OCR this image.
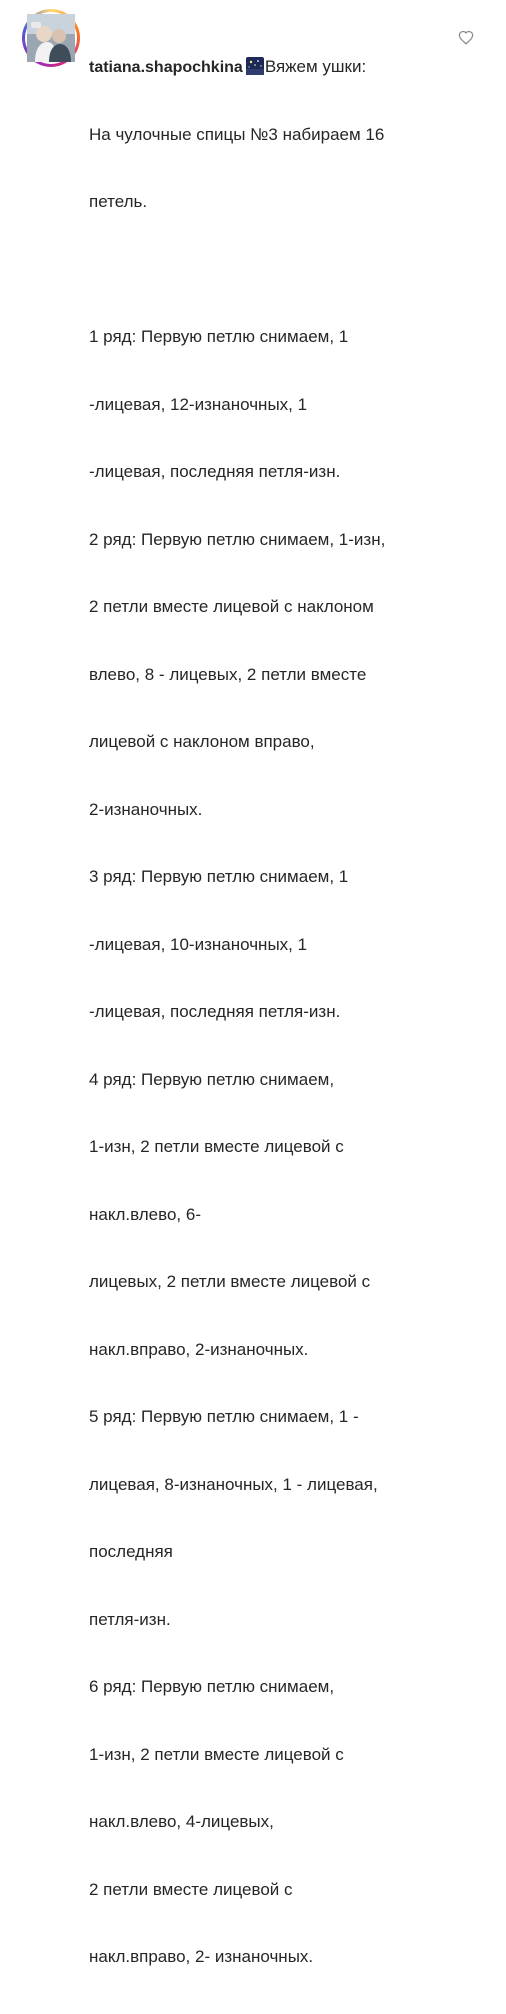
tatiana.shapochkina Вяжем ушки:

На чулочные спицы №3 набираем 16

петель.

1 ряд: Первую петлю снимаем, 1

-лицевая, 12-изнаночных, 1

-лицевая, последняя петля-изн.

2 ряд: Первую петлю снимаем, 1-изн,

2 петли вместе лицевой с наклоном

влево, 8 - лицевых, 2 петли вместе

лицевой с наклоном вправо,

2-изнаночных.

3 ряд: Первую петлю снимаем, 1

-лицевая, 10-изнаночных, 1

-лицевая, последняя петля-изн.

4 ряд: Первую петлю снимаем,

1-изн, 2 петли вместе лицевой с

накл.влево, 6-

лицевых, 2 петли вместе лицевой с

накл.вправо, 2-изнаночных.

5 ряд: Первую петлю снимаем, 1 -

лицевая, 8-изнаночных, 1 - лицевая,

последняя

петля-изн.

6 ряд: Первую петлю снимаем,

1-изн, 2 петли вместе лицевой с

накл.влево, 4-лицевых,

2 петли вместе лицевой с

накл.вправо, 2- изнаночных.
